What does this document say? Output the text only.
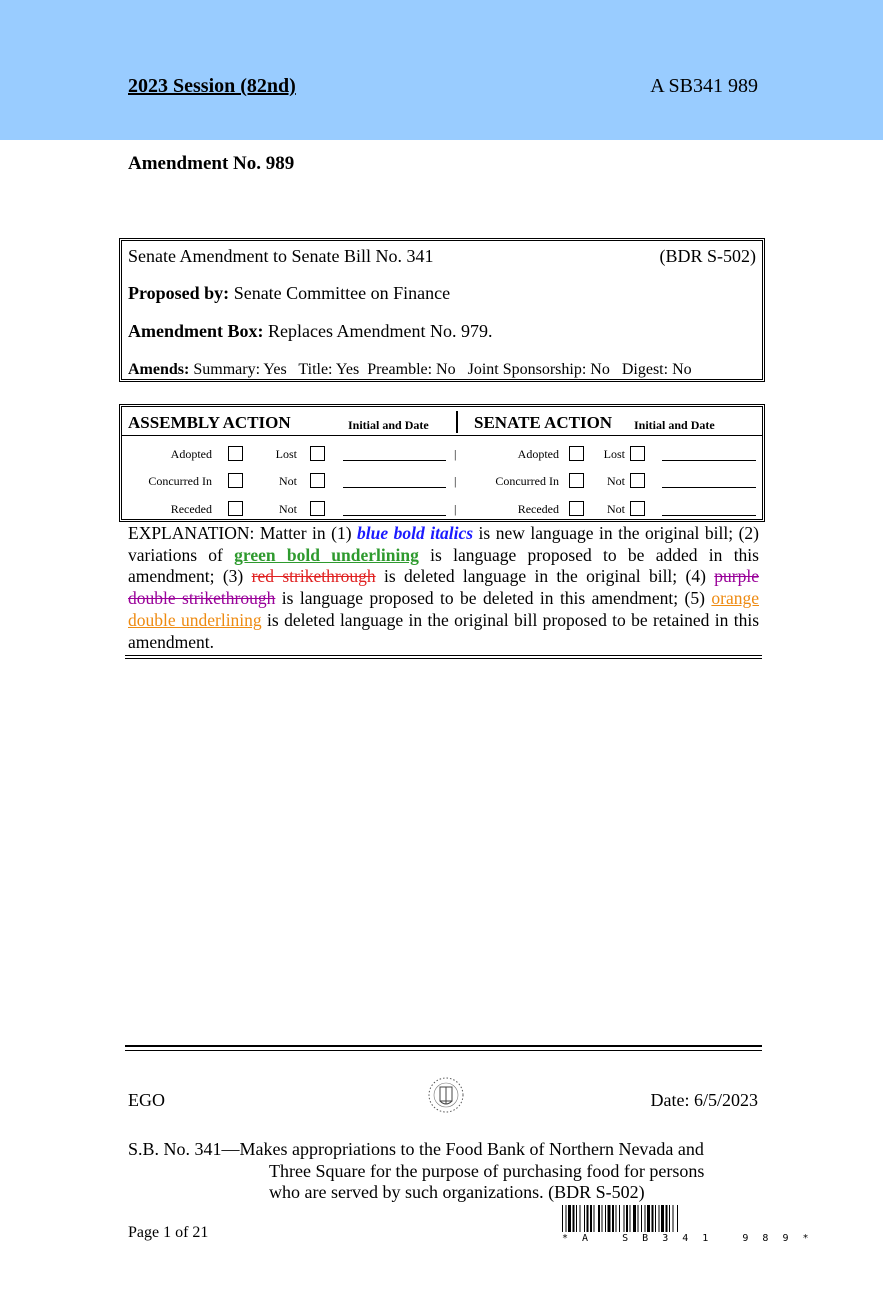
2023 Session (82nd)	A SB341 989
Amendment No. 989
Senate Amendment to Senate Bill No. 341	(BDR S-502)
Proposed by: Senate Committee on Finance
Amendment Box: Replaces Amendment No. 979.
Amends: Summary: Yes   Title: Yes  Preamble: No   Joint Sponsorship: No   Digest: No
ASSEMBLY ACTION	Initial and Date	SENATE ACTION Initial and Date
Adopted	Lost	|	Adopted	Lost
Concurred In	Not	|	Concurred In	Not
Receded	Not	|	Receded	Not
EXPLANATION: Matter in (1) blue bold italics is new language in the original bill; (2) variations of green bold underlining is language proposed to be added in this amendment; (3) red strikethrough is deleted language in the original bill; (4) purple double strikethrough is language proposed to be deleted in this amendment; (5) orange double underlining is deleted language in the original bill proposed to be retained in this amendment.
EGO	Date: 6/5/2023
S.B. No. 341—Makes appropriations to the Food Bank of Northern Nevada and
Three Square for the purpose of purchasing food for persons
who are served by such organizations. (BDR S-502)
Page 1 of 21	* A   S B 3 4 1   9 8 9 *
